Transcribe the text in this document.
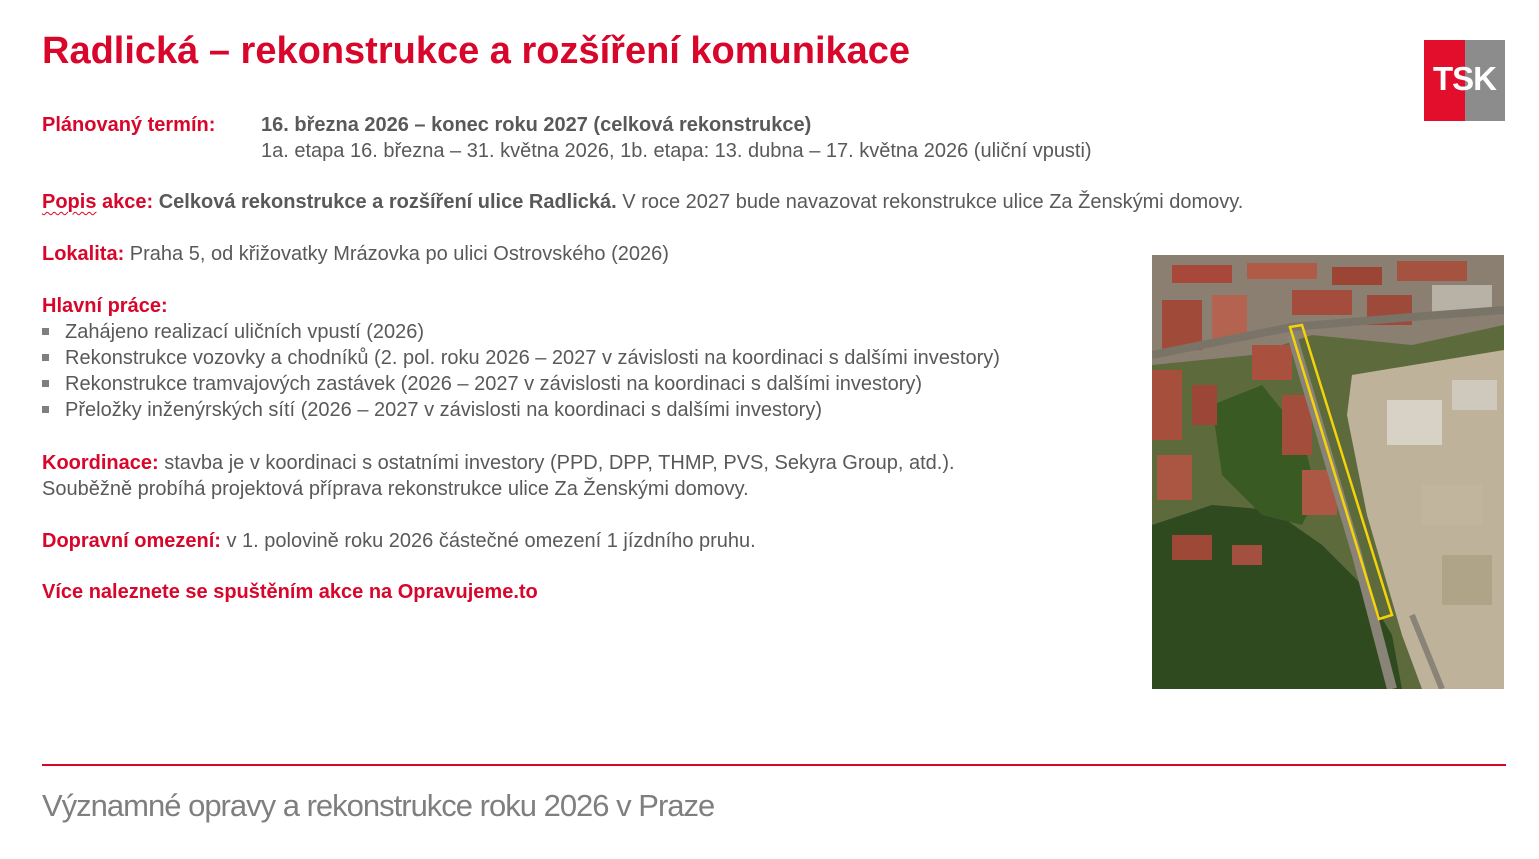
Radlická – rekonstrukce a rozšíření komunikace
TSK
Plánovaný termín: 16. března 2026 – konec roku 2027 (celková rekonstrukce)
1a. etapa 16. března – 31. května 2026, 1b. etapa: 13. dubna – 17. května 2026 (uliční vpusti)
Popis akce: Celková rekonstrukce a rozšíření ulice Radlická. V roce 2027 bude navazovat rekonstrukce ulice Za Ženskými domovy.
Lokalita: Praha 5, od křižovatky Mrázovka po ulici Ostrovského (2026)
Hlavní práce:
Zahájeno realizací uličních vpustí (2026)
Rekonstrukce vozovky a chodníků (2. pol. roku 2026 – 2027 v závislosti na koordinaci s dalšími investory)
Rekonstrukce tramvajových zastávek (2026 – 2027 v závislosti na koordinaci s dalšími investory)
Přeložky inženýrských sítí (2026 – 2027 v závislosti na koordinaci s dalšími investory)
Koordinace: stavba je v koordinaci s ostatními investory (PPD, DPP, THMP, PVS, Sekyra Group, atd.).
Souběžně probíhá projektová příprava rekonstrukce ulice Za Ženskými domovy.
Dopravní omezení: v 1. polovině roku 2026 částečné omezení 1 jízdního pruhu.
Více naleznete se spuštěním akce na Opravujeme.to
Významné opravy a rekonstrukce roku 2026 v Praze
